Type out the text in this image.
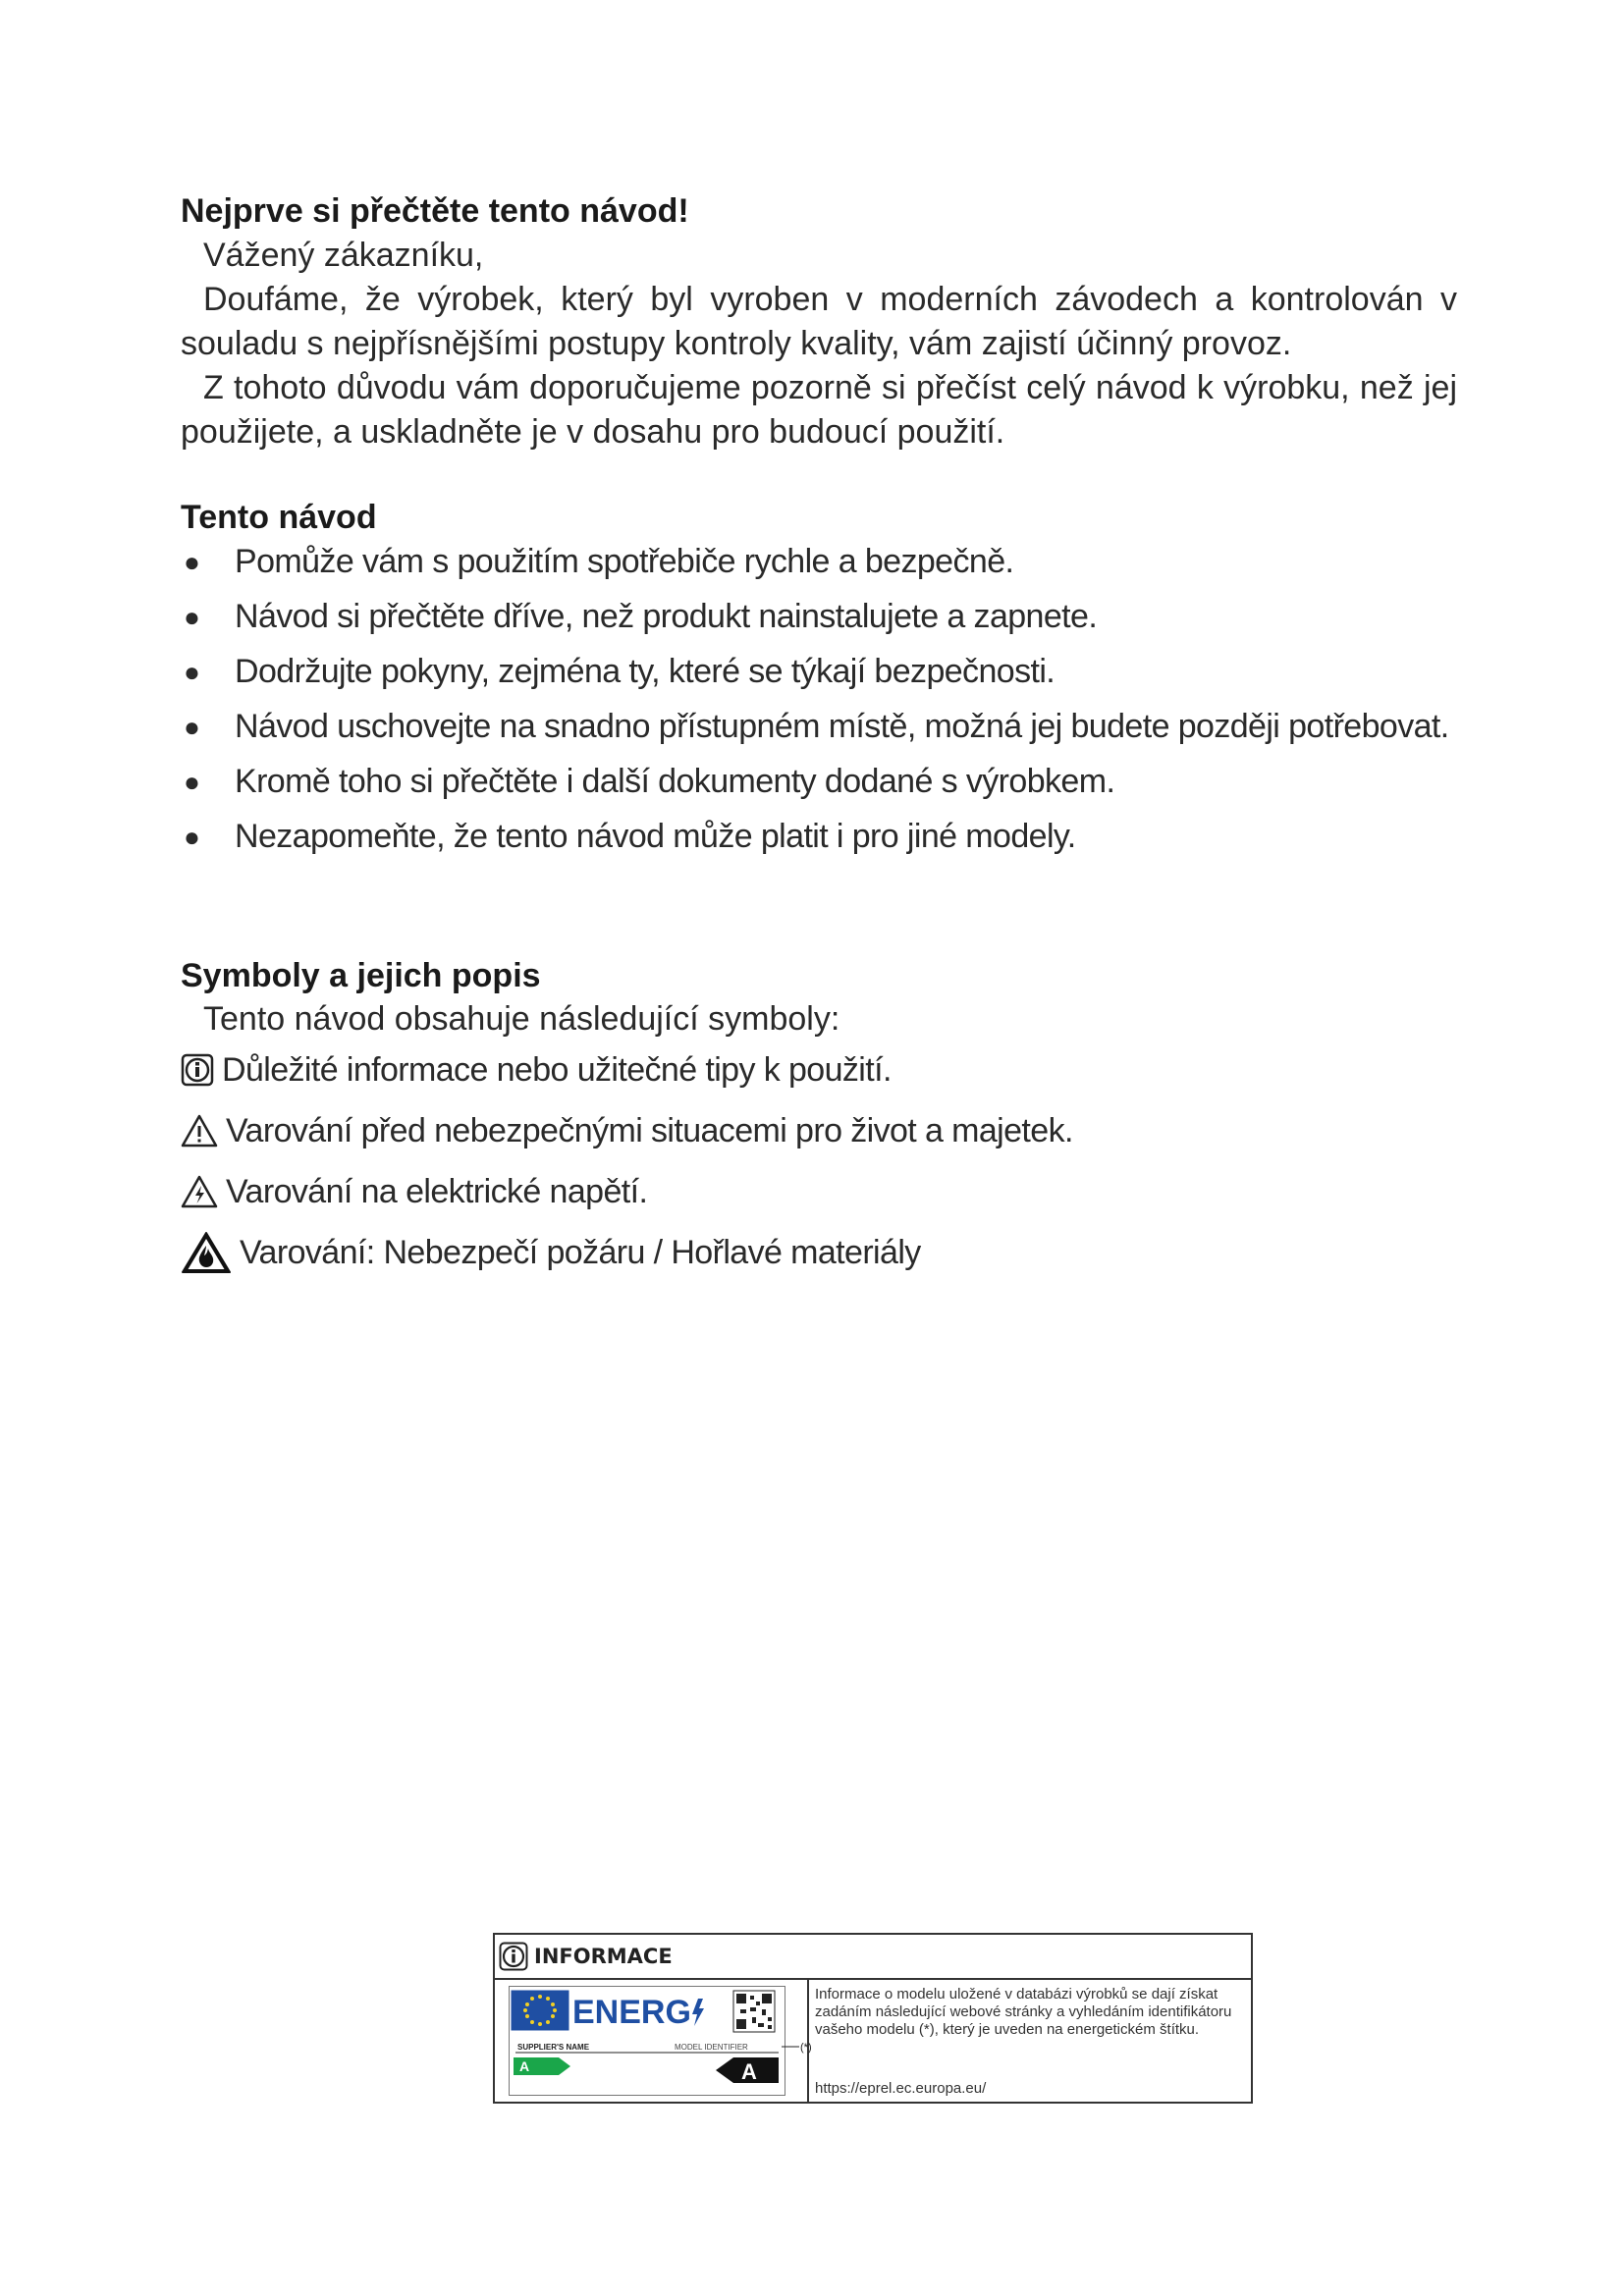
Nejprve si přečtěte tento návod!

Vážený zákazníku,

Doufáme, že výrobek, který byl vyroben v moderních závodech a kontrolován v souladu s nejpřísnějšími postupy kontroly kvality, vám zajistí účinný provoz.

Z tohoto důvodu vám doporučujeme pozorně si přečíst celý návod k výrobku, než jej použijete, a uskladněte je v dosahu pro budoucí použití.

Tento návod
● Pomůže vám s použitím spotřebiče rychle a bezpečně.
● Návod si přečtěte dříve, než produkt nainstalujete a zapnete.
● Dodržujte pokyny, zejména ty, které se týkají bezpečnosti.
● Návod uschovejte na snadno přístupném místě, možná jej budete později potřebovat.
● Kromě toho si přečtěte i další dokumenty dodané s výrobkem.
● Nezapomeňte, že tento návod může platit i pro jiné modely.
Symboly a jejich popis

Tento návod obsahuje následující symboly:

Důležité informace nebo užitečné tipy k použití.
Varování před nebezpečnými situacemi pro život a majetek.
Varování na elektrické napětí.
Varování: Nebezpečí požáru / Hořlavé materiály
INFORMACE
ENERG
SUPPLIER'S NAME	MODEL IDENTIFIER
A	A
(*)
Informace o modelu uložené v databázi výrobků se dají získat zadáním následující webové stránky a vyhledáním identifikátoru vašeho modelu (*), který je uveden na energetickém štítku.
https://eprel.ec.europa.eu/
